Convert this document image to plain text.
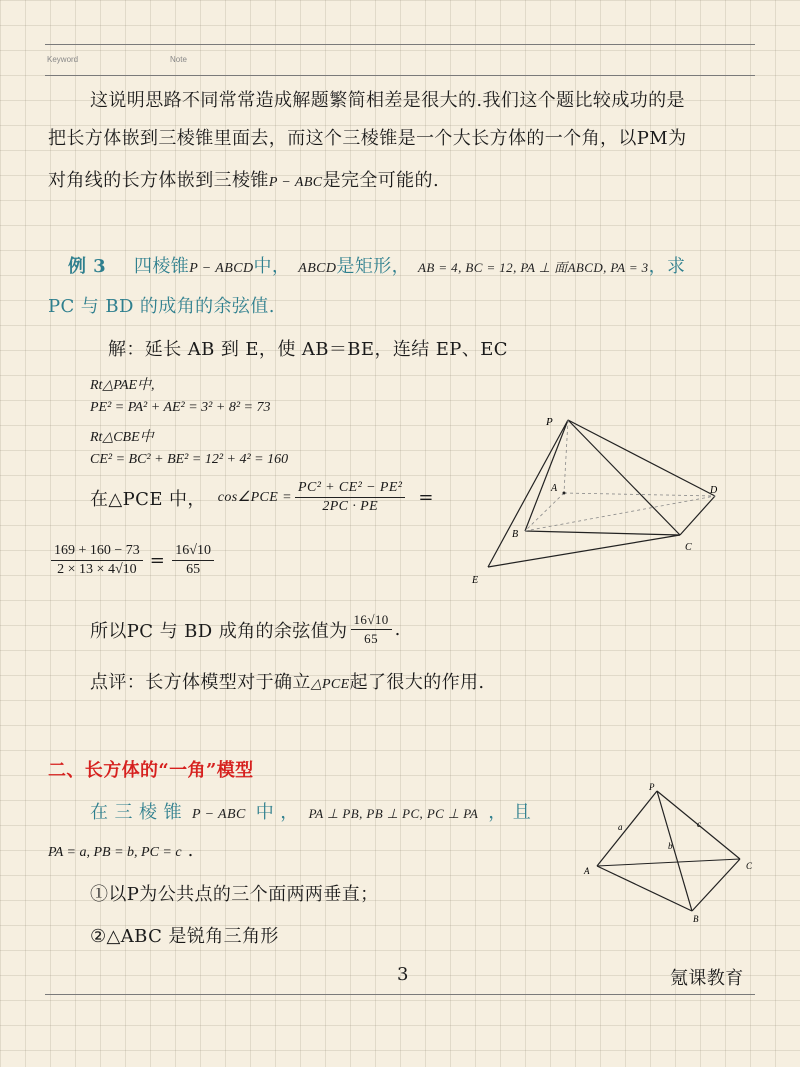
Keyword	Note
这说明思路不同常常造成解题繁简相差是很大的.我们这个题比较成功的是
把长方体嵌到三棱锥里面去，而这个三棱锥是一个大长方体的一个角，以PM为
对角线的长方体嵌到三棱锥P − ABC是完全可能的.
例 3 四棱锥P − ABCD中， ABCD是矩形， AB = 4, BC = 12, PA ⊥ 面ABCD, PA = 3，求
PC 与 BD 的成角的余弦值.
解：延长 AB 到 E，使 AB＝BE，连结 EP、EC
Rt△PAE中,
PE² = PA² + AE² = 3² + 8² = 73
Rt△CBE中
CE² = BC² + BE² = 12² + 4² = 160
在 △PCE 中， cos∠PCE = $\frac{\text{PC² + CE² − PE²}}{2PC \cdot PE}$ =
$\frac{169 + 160 - 73}{2 \times 13 \times 4√10} = \frac{16√10}{65}$
所以PC 与 BD 成角的余弦值为 $\frac{16√10}{65}$ .
点评：长方体模型对于确立△PCE起了很大的作用.
P
A	D
B
C
E
二、长方体的“一角”模型
在 三 棱 锥 P − ABC 中 ， PA ⊥ PB, PB ⊥ PC, PC ⊥ PA ， 且
PA = a, PB = b, PC = c .
①以P为公共点的三个面两两垂直；
②△ABC 是锐角三角形
P
A
B
C
a
b
c
3	氪课教育
